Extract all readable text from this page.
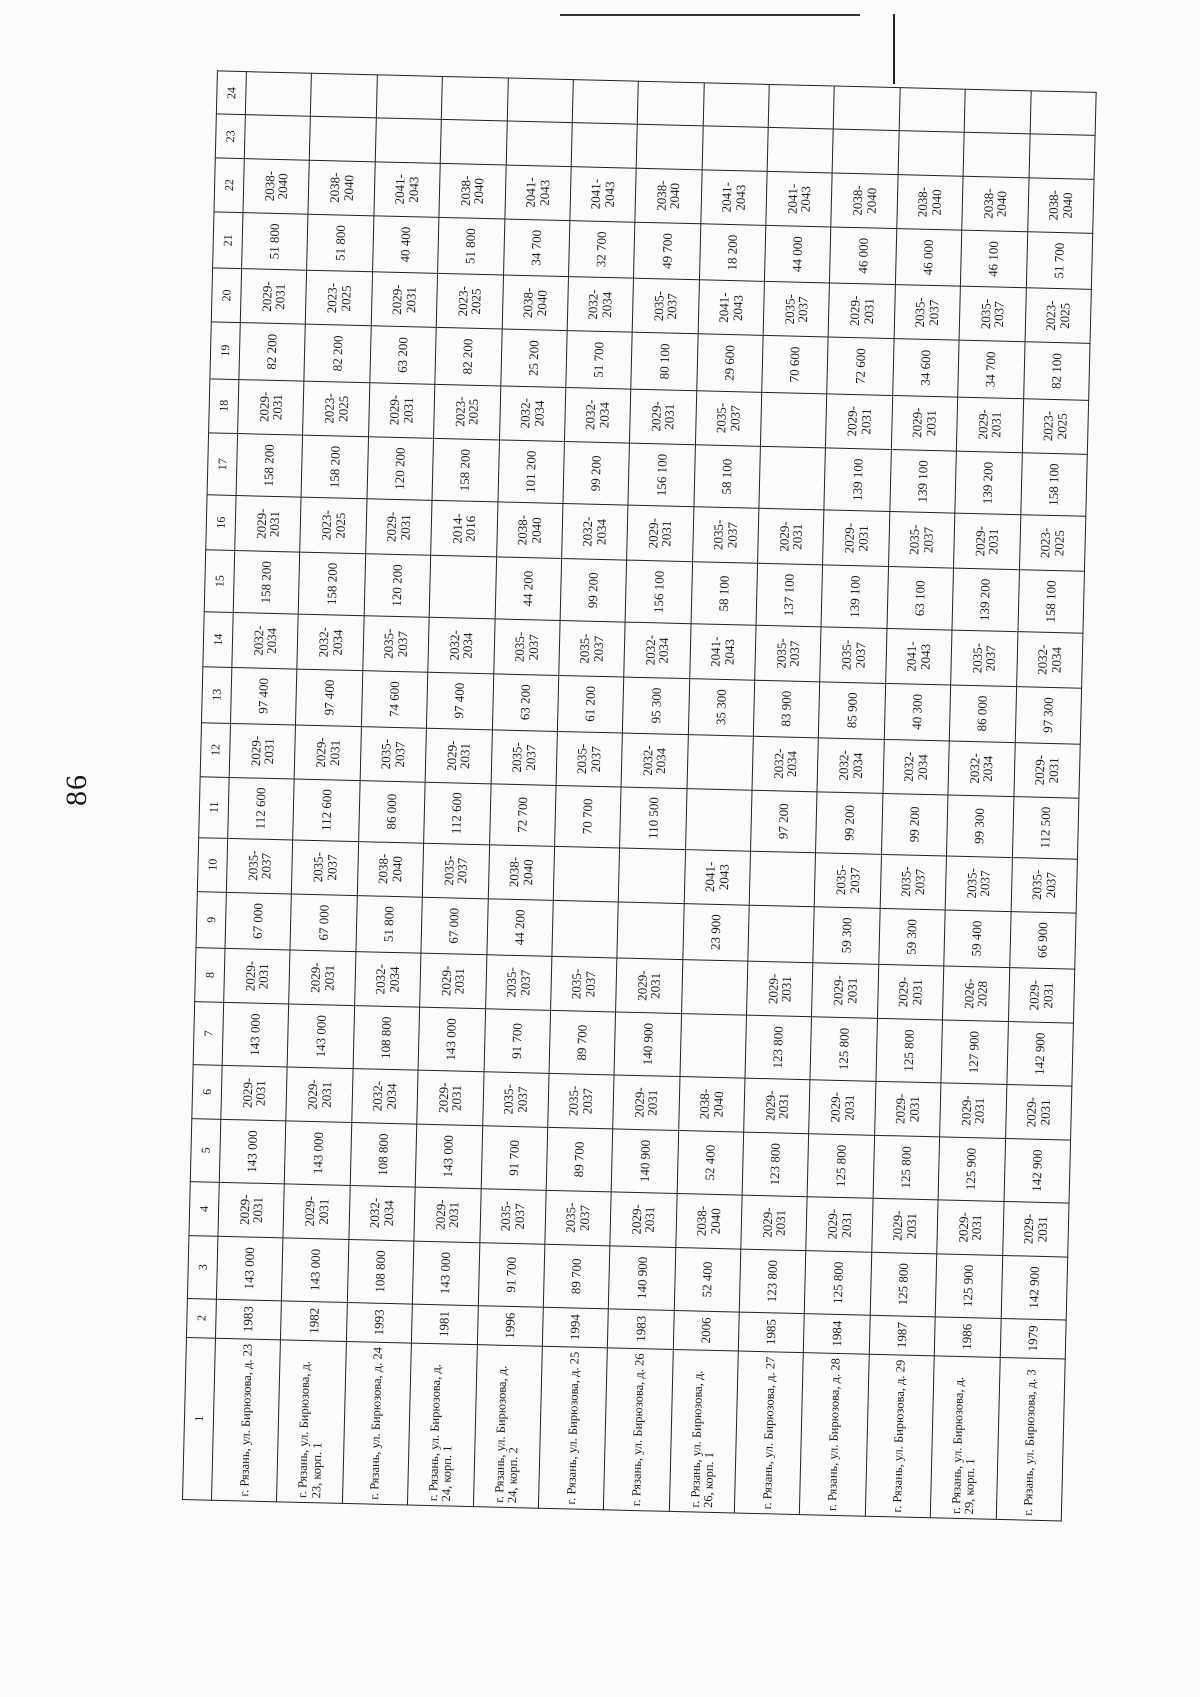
86
1	2	3	4	5	6	7	8	9	10	11	12	13	14	15	16	17	18	19	20	21	22	23	24
г. Рязань, ул. Бирюзова, д. 23	1983	143 000	2029-2031	143 000	2029-2031	143 000	2029-2031	67 000	2035-2037	112 600	2029-2031	97 400	2032-2034	158 200	2029-2031	158 200	2029-2031	82 200	2029-2031	51 800	2038-2040		
г. Рязань, ул. Бирюзова, д. 23, корп. 1	1982	143 000	2029-2031	143 000	2029-2031	143 000	2029-2031	67 000	2035-2037	112 600	2029-2031	97 400	2032-2034	158 200	2023-2025	158 200	2023-2025	82 200	2023-2025	51 800	2038-2040		
г. Рязань, ул. Бирюзова, д. 24	1993	108 800	2032-2034	108 800	2032-2034	108 800	2032-2034	51 800	2038-2040	86 000	2035-2037	74 600	2035-2037	120 200	2029-2031	120 200	2029-2031	63 200	2029-2031	40 400	2041-2043		
г. Рязань, ул. Бирюзова, д. 24, корп. 1	1981	143 000	2029-2031	143 000	2029-2031	143 000	2029-2031	67 000	2035-2037	112 600	2029-2031	97 400	2032-2034		2014-2016	158 200	2023-2025	82 200	2023-2025	51 800	2038-2040		
г. Рязань, ул. Бирюзова, д. 24, корп. 2	1996	91 700	2035-2037	91 700	2035-2037	91 700	2035-2037	44 200	2038-2040	72 700	2035-2037	63 200	2035-2037	44 200	2038-2040	101 200	2032-2034	25 200	2038-2040	34 700	2041-2043		
г. Рязань, ул. Бирюзова, д. 25	1994	89 700	2035-2037	89 700	2035-2037	89 700	2035-2037			70 700	2035-2037	61 200	2035-2037	99 200	2032-2034	99 200	2032-2034	51 700	2032-2034	32 700	2041-2043		
г. Рязань, ул. Бирюзова, д. 26	1983	140 900	2029-2031	140 900	2029-2031	140 900	2029-2031			110 500	2032-2034	95 300	2032-2034	156 100	2029-2031	156 100	2029-2031	80 100	2035-2037	49 700	2038-2040		
г. Рязань, ул. Бирюзова, д. 26, корп. 1	2006	52 400	2038-2040	52 400	2038-2040			23 900	2041-2043			35 300	2041-2043	58 100	2035-2037	58 100	2035-2037	29 600	2041-2043	18 200	2041-2043		
г. Рязань, ул. Бирюзова, д. 27	1985	123 800	2029-2031	123 800	2029-2031	123 800	2029-2031			97 200	2032-2034	83 900	2035-2037	137 100	2029-2031			70 600	2035-2037	44 000	2041-2043		
г. Рязань, ул. Бирюзова, д. 28	1984	125 800	2029-2031	125 800	2029-2031	125 800	2029-2031	59 300	2035-2037	99 200	2032-2034	85 900	2035-2037	139 100	2029-2031	139 100	2029-2031	72 600	2029-2031	46 000	2038-2040		
г. Рязань, ул. Бирюзова, д. 29	1987	125 800	2029-2031	125 800	2029-2031	125 800	2029-2031	59 300	2035-2037	99 200	2032-2034	40 300	2041-2043	63 100	2035-2037	139 100	2029-2031	34 600	2035-2037	46 000	2038-2040		
г. Рязань, ул. Бирюзова, д. 29, корп. 1	1986	125 900	2029-2031	125 900	2029-2031	127 900	2026-2028	59 400	2035-2037	99 300	2032-2034	86 000	2035-2037	139 200	2029-2031	139 200	2029-2031	34 700	2035-2037	46 100	2038-2040		
г. Рязань, ул. Бирюзова, д. 3	1979	142 900	2029-2031	142 900	2029-2031	142 900	2029-2031	66 900	2035-2037	112 500	2029-2031	97 300	2032-2034	158 100	2023-2025	158 100	2023-2025	82 100	2023-2025	51 700	2038-2040		
